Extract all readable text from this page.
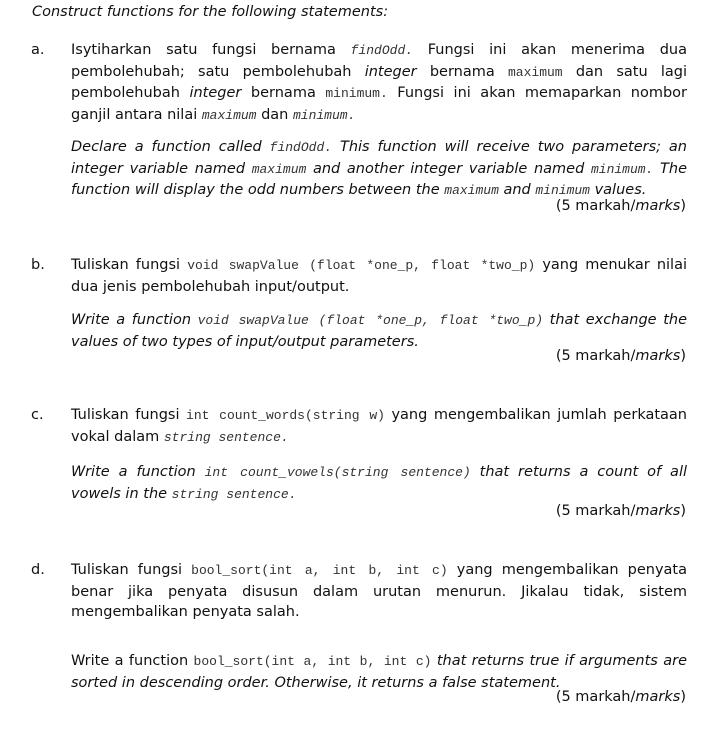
Construct functions for the following statements:
a. Isytiharkan satu fungsi bernama findOdd. Fungsi ini akan menerima dua pembolehubah; satu pembolehubah integer bernama maximum dan satu lagi pembolehubah integer bernama minimum. Fungsi ini akan memaparkan nombor ganjil antara nilai maximum dan minimum.
Declare a function called findOdd. This function will receive two parameters; an integer variable named maximum and another integer variable named minimum. The function will display the odd numbers between the maximum and minimum values.
(5 markah/marks)
b. Tuliskan fungsi void swapValue (float *one_p, float *two_p) yang menukar nilai dua jenis pembolehubah input/output.
Write a function void swapValue (float *one_p, float *two_p) that exchange the values of two types of input/output parameters.
(5 markah/marks)
c. Tuliskan fungsi int count_words(string w) yang mengembalikan jumlah perkataan vokal dalam string sentence.
Write a function int count_vowels(string sentence) that returns a count of all vowels in the string sentence.
(5 markah/marks)
d. Tuliskan fungsi bool_sort(int a, int b, int c) yang mengembalikan penyata benar jika penyata disusun dalam urutan menurun. Jikalau tidak, sistem mengembalikan penyata salah.
Write a function bool_sort(int a, int b, int c) that returns true if arguments are sorted in descending order. Otherwise, it returns a false statement.
(5 markah/marks)
